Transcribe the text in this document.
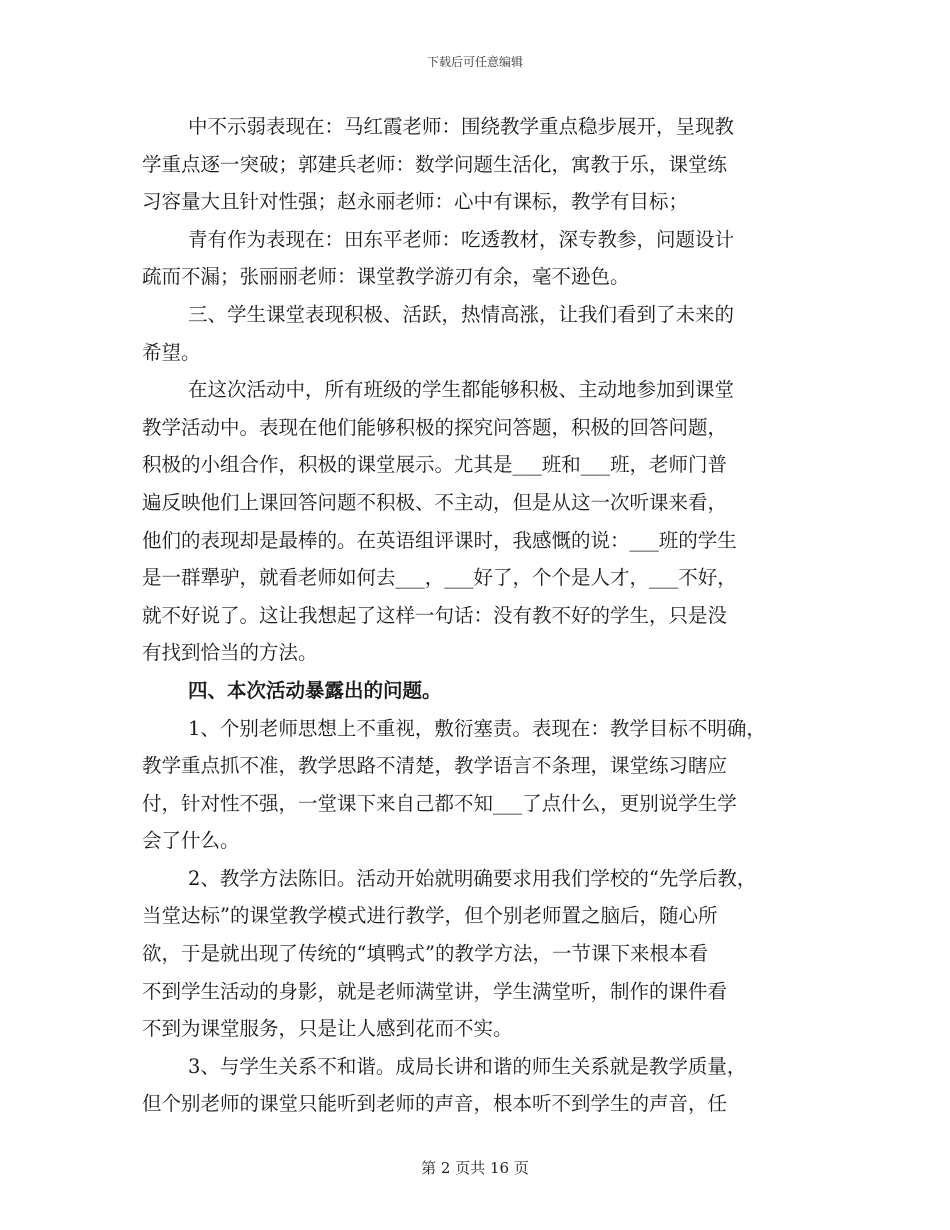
下载后可任意编辑
中不示弱表现在：马红霞老师：围绕教学重点稳步展开，呈现教
学重点逐一突破；郭建兵老师：数学问题生活化，寓教于乐，课堂练
习容量大且针对性强；赵永丽老师：心中有课标，教学有目标；
青有作为表现在：田东平老师：吃透教材，深专教参，问题设计
疏而不漏；张丽丽老师：课堂教学游刃有余，毫不逊色。
三、学生课堂表现积极、活跃，热情高涨，让我们看到了未来的
希望。
在这次活动中，所有班级的学生都能够积极、主动地参加到课堂
教学活动中。表现在他们能够积极的探究问答题，积极的回答问题，
积极的小组合作，积极的课堂展示。尤其是___班和___班，老师门普
遍反映他们上课回答问题不积极、不主动，但是从这一次听课来看，
他们的表现却是最棒的。在英语组评课时，我感慨的说：___班的学生
是一群犟驴，就看老师如何去___，___好了，个个是人才，___不好，
就不好说了。这让我想起了这样一句话：没有教不好的学生，只是没
有找到恰当的方法。
四、本次活动暴露出的问题。
1、个别老师思想上不重视，敷衍塞责。表现在：教学目标不明确，
教学重点抓不准，教学思路不清楚，教学语言不条理，课堂练习瞎应
付，针对性不强，一堂课下来自己都不知___了点什么，更别说学生学
会了什么。
2、教学方法陈旧。活动开始就明确要求用我们学校的“先学后教，
当堂达标”的课堂教学模式进行教学，但个别老师置之脑后，随心所
欲，于是就出现了传统的“填鸭式”的教学方法，一节课下来根本看
不到学生活动的身影，就是老师满堂讲，学生满堂听，制作的课件看
不到为课堂服务，只是让人感到花而不实。
3、与学生关系不和谐。成局长讲和谐的师生关系就是教学质量，
但个别老师的课堂只能听到老师的声音，根本听不到学生的声音，任
第 2 页共 16 页
